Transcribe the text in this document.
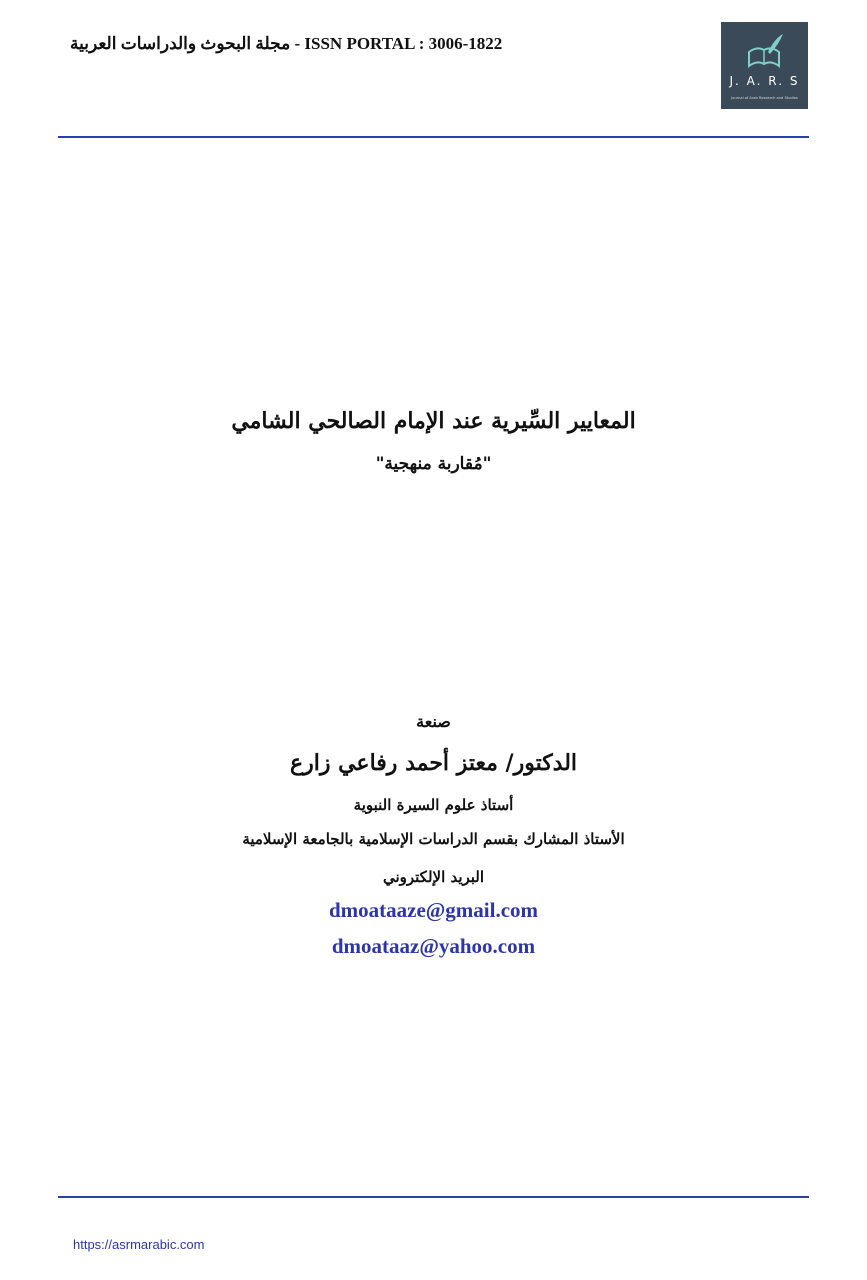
مجلة البحوث والدراسات العربية - ISSN PORTAL : 3006-1822
J. A. R. S
Journal of Arab Research and Studies
المعايير السِّيرية عند الإمام الصالحي الشامي
"مُقاربة منهجية"
صنعة
الدكتور/ معتز أحمد رفاعي زارع
أستاذ علوم السيرة النبوية
الأستاذ المشارك بقسم الدراسات الإسلامية بالجامعة الإسلامية
البريد الإلكتروني
dmoataaze@gmail.com
dmoataaz@yahoo.com
https://asrmarabic.com
